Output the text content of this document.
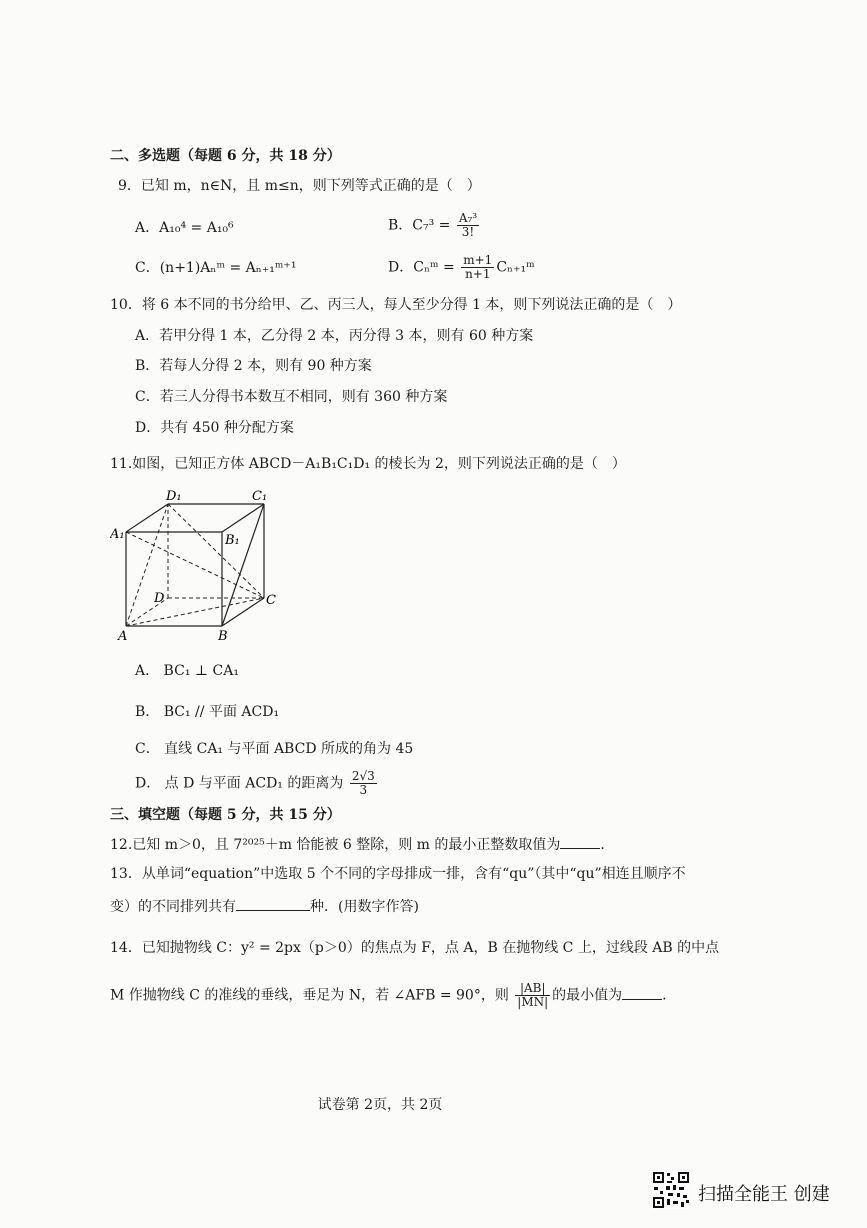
二、多选题（每题 6 分，共 18 分）
9．已知 m，n∈N，且 m≤n，则下列等式正确的是（　）
A．A₁₀⁴ = A₁₀⁶	B．$C_7^3 = \frac{\text{A₇³}}{3!}$
C．(n+1)Aₙᵐ = Aₙ₊₁ᵐ⁺¹	D．Cₙᵐ = $\frac{m+1}{n+1}$ Cₙ₊₁ᵐ
10．将 6 本不同的书分给甲、乙、丙三人，每人至少分得 1 本，则下列说法正确的是（　）
A．若甲分得 1 本，乙分得 2 本，丙分得 3 本，则有 60 种方案
B．若每人分得 2 本，则有 90 种方案
C．若三人分得书本数互不相同，则有 360 种方案
D．共有 450 种分配方案
11.如图，已知正方体 ABCD－A₁B₁C₁D₁ 的棱长为 2，则下列说法正确的是（　）
A	B
C
D
A₁	B₁
C₁
D₁
A． BC₁ ⊥ CA₁
B． BC₁ // 平面 ACD₁
C． 直线 CA₁ 与平面 ABCD 所成的角为 45
D． 点 D 与平面 ACD₁ 的距离为 $\frac{2√3}{3}$
三、填空题（每题 5 分，共 15 分）
12.已知 m＞0，且 7²⁰²⁵＋m 恰能被 6 整除，则 m 的最小正整数取值为	.
13．从单词“equation”中选取 5 个不同的字母排成一排，含有“qu”（其中“qu”相连且顺序不
变）的不同排列共有	种．(用数字作答)
14．已知抛物线 C：y² = 2px（p＞0）的焦点为 F，点 A，B 在抛物线 C 上，过线段 AB 的中点
M 作抛物线 C 的准线的垂线，垂足为 N，若 ∠AFB = 90°，则 $\frac{|AB|}{|MN|}$ 的最小值为	.
试卷第 2页，共 2页
扫描全能王 创建
